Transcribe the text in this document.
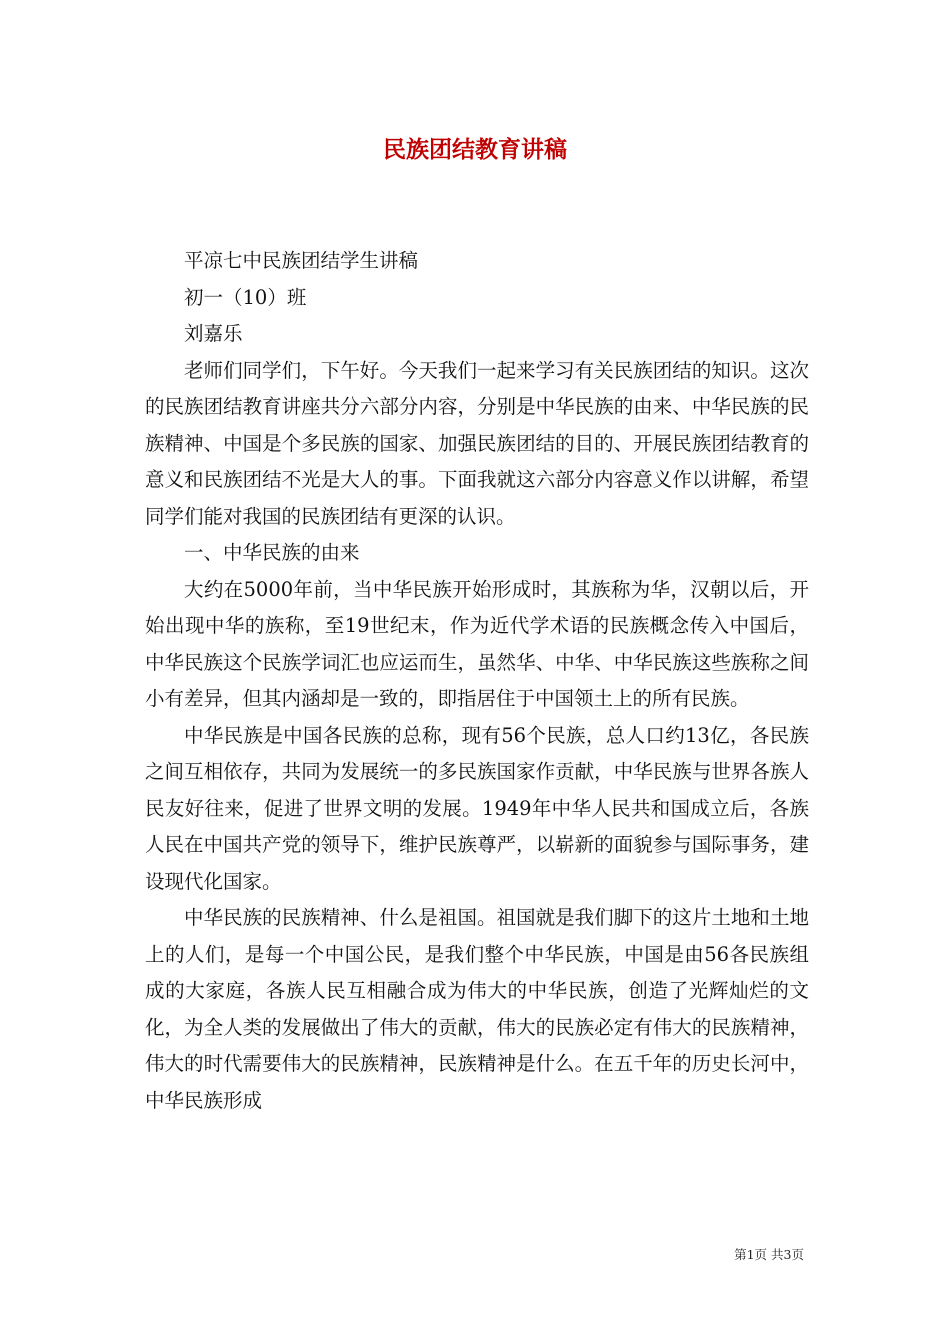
民族团结教育讲稿

平凉七中民族团结学生讲稿

初一（10）班

刘嘉乐

老师们同学们，下午好。今天我们一起来学习有关民族团结的知识。这次的民族团结教育讲座共分六部分内容，分别是中华民族的由来、中华民族的民族精神、中国是个多民族的国家、加强民族团结的目的、开展民族团结教育的意义和民族团结不光是大人的事。下面我就这六部分内容意义作以讲解，希望同学们能对我国的民族团结有更深的认识。

一、中华民族的由来

大约在5000年前，当中华民族开始形成时，其族称为华，汉朝以后，开始出现中华的族称，至19世纪末，作为近代学术语的民族概念传入中国后，中华民族这个民族学词汇也应运而生，虽然华、中华、中华民族这些族称之间小有差异，但其内涵却是一致的，即指居住于中国领土上的所有民族。

中华民族是中国各民族的总称，现有56个民族，总人口约13亿，各民族之间互相依存，共同为发展统一的多民族国家作贡献，中华民族与世界各族人民友好往来，促进了世界文明的发展。1949年中华人民共和国成立后，各族人民在中国共产党的领导下，维护民族尊严，以崭新的面貌参与国际事务，建设现代化国家。

中华民族的民族精神、什么是祖国。祖国就是我们脚下的这片土地和土地上的人们，是每一个中国公民，是我们整个中华民族，中国是由56各民族组成的大家庭，各族人民互相融合成为伟大的中华民族，创造了光辉灿烂的文化，为全人类的发展做出了伟大的贡献，伟大的民族必定有伟大的民族精神，伟大的时代需要伟大的民族精神，民族精神是什么。在五千年的历史长河中，中华民族形成

第1页 共3页
